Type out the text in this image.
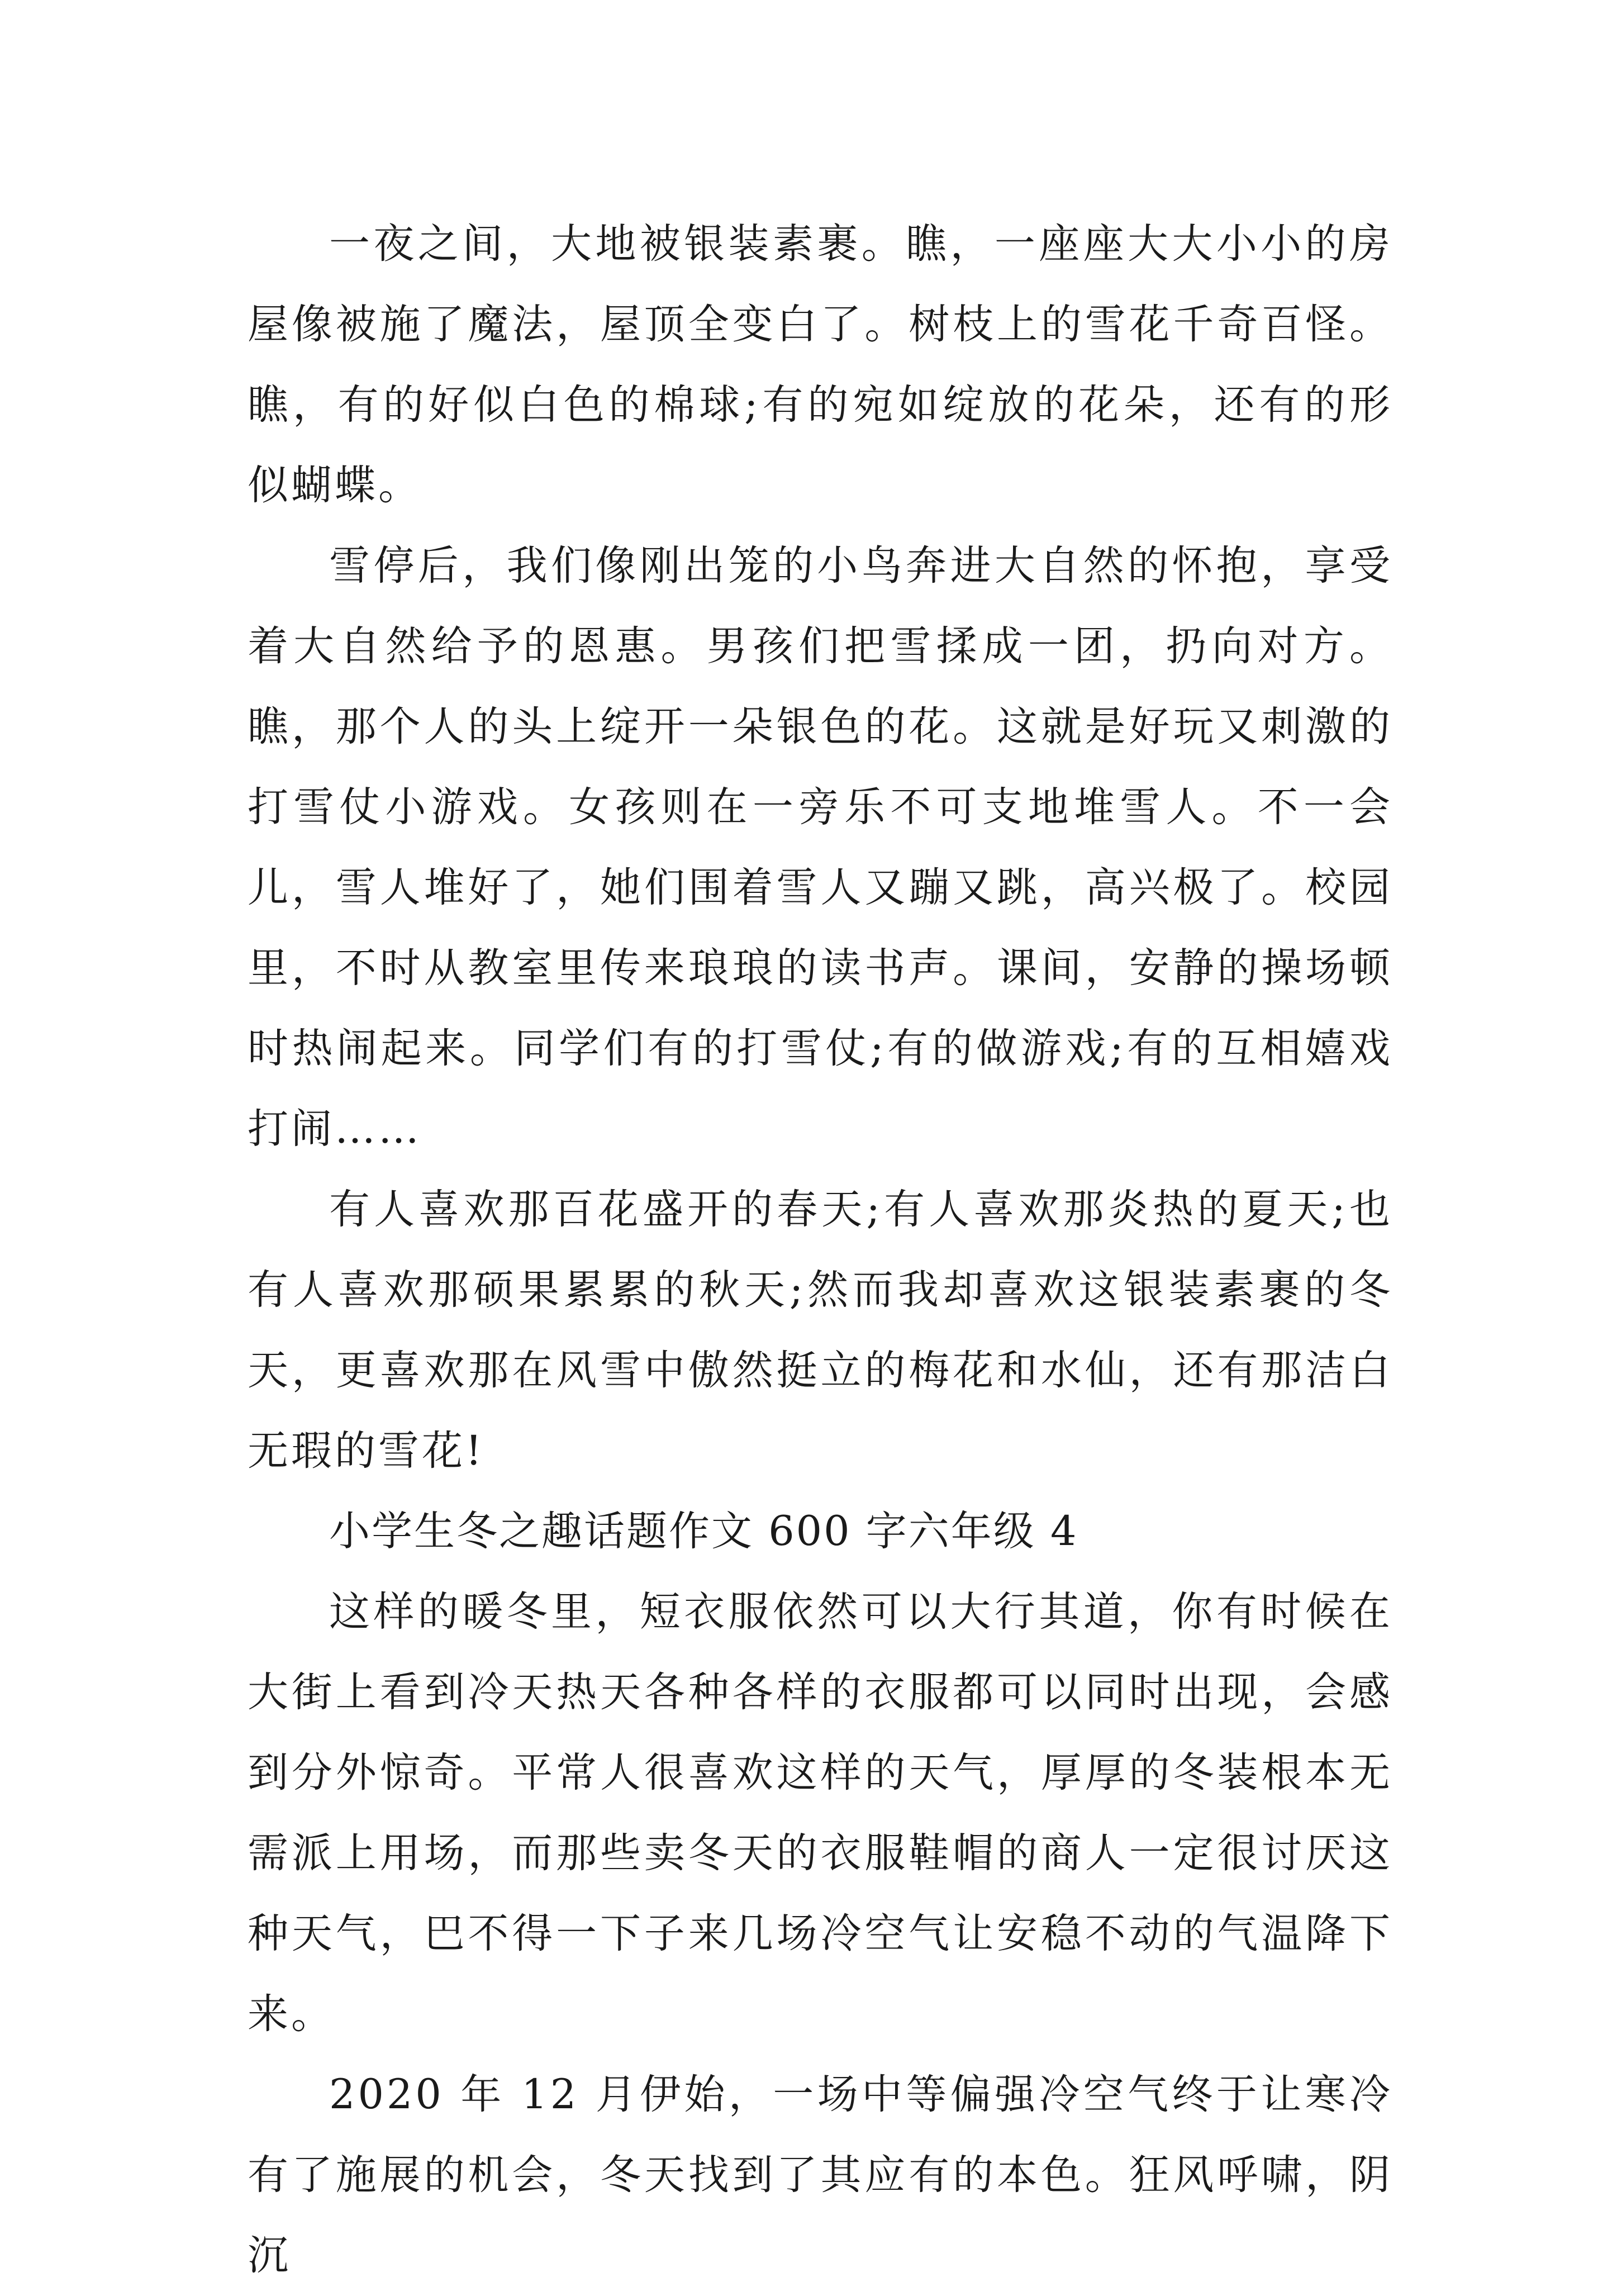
一夜之间，大地被银装素裹。瞧，一座座大大小小的房屋像被施了魔法，屋顶全变白了。树枝上的雪花千奇百怪。瞧，有的好似白色的棉球;有的宛如绽放的花朵，还有的形似蝴蝶。

雪停后，我们像刚出笼的小鸟奔进大自然的怀抱，享受着大自然给予的恩惠。男孩们把雪揉成一团，扔向对方。瞧，那个人的头上绽开一朵银色的花。这就是好玩又刺激的打雪仗小游戏。女孩则在一旁乐不可支地堆雪人。不一会儿，雪人堆好了，她们围着雪人又蹦又跳，高兴极了。校园里，不时从教室里传来琅琅的读书声。课间，安静的操场顿时热闹起来。同学们有的打雪仗;有的做游戏;有的互相嬉戏打闹……

有人喜欢那百花盛开的春天;有人喜欢那炎热的夏天;也有人喜欢那硕果累累的秋天;然而我却喜欢这银装素裹的冬天，更喜欢那在风雪中傲然挺立的梅花和水仙，还有那洁白无瑕的雪花!

小学生冬之趣话题作文 600 字六年级 4

这样的暖冬里，短衣服依然可以大行其道，你有时候在大街上看到冷天热天各种各样的衣服都可以同时出现，会感到分外惊奇。平常人很喜欢这样的天气，厚厚的冬装根本无需派上用场，而那些卖冬天的衣服鞋帽的商人一定很讨厌这种天气，巴不得一下子来几场冷空气让安稳不动的气温降下来。

2020 年 12 月伊始，一场中等偏强冷空气终于让寒冷有了施展的机会，冬天找到了其应有的本色。狂风呼啸，阴沉
